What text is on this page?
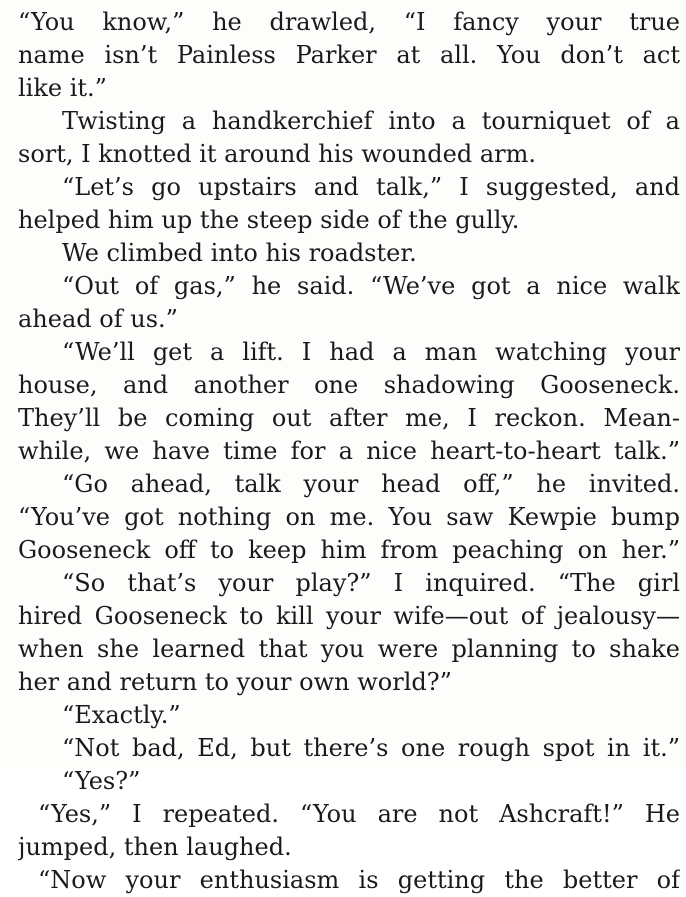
“You know,” he drawled, “I fancy your true
name isn’t Painless Parker at all. You don’t act
like it.”
Twisting a handkerchief into a tourniquet of a
sort, I knotted it around his wounded arm.
“Let’s go upstairs and talk,” I suggested, and
helped him up the steep side of the gully.
We climbed into his roadster.
“Out of gas,” he said. “We’ve got a nice walk
ahead of us.”
“We’ll get a lift. I had a man watching your
house, and another one shadowing Gooseneck.
They’ll be coming out after me, I reckon. Mean-
while, we have time for a nice heart-to-heart talk.”
“Go ahead, talk your head off,” he invited.
“You’ve got nothing on me. You saw Kewpie bump
Gooseneck off to keep him from peaching on her.”
“So that’s your play?” I inquired. “The girl
hired Gooseneck to kill your wife—out of jealousy—
when she learned that you were planning to shake
her and return to your own world?”
“Exactly.”
“Not bad, Ed, but there’s one rough spot in it.”
“Yes?”
“Yes,” I repeated. “You are not Ashcraft!” He
jumped, then laughed.
“Now your enthusiasm is getting the better of
